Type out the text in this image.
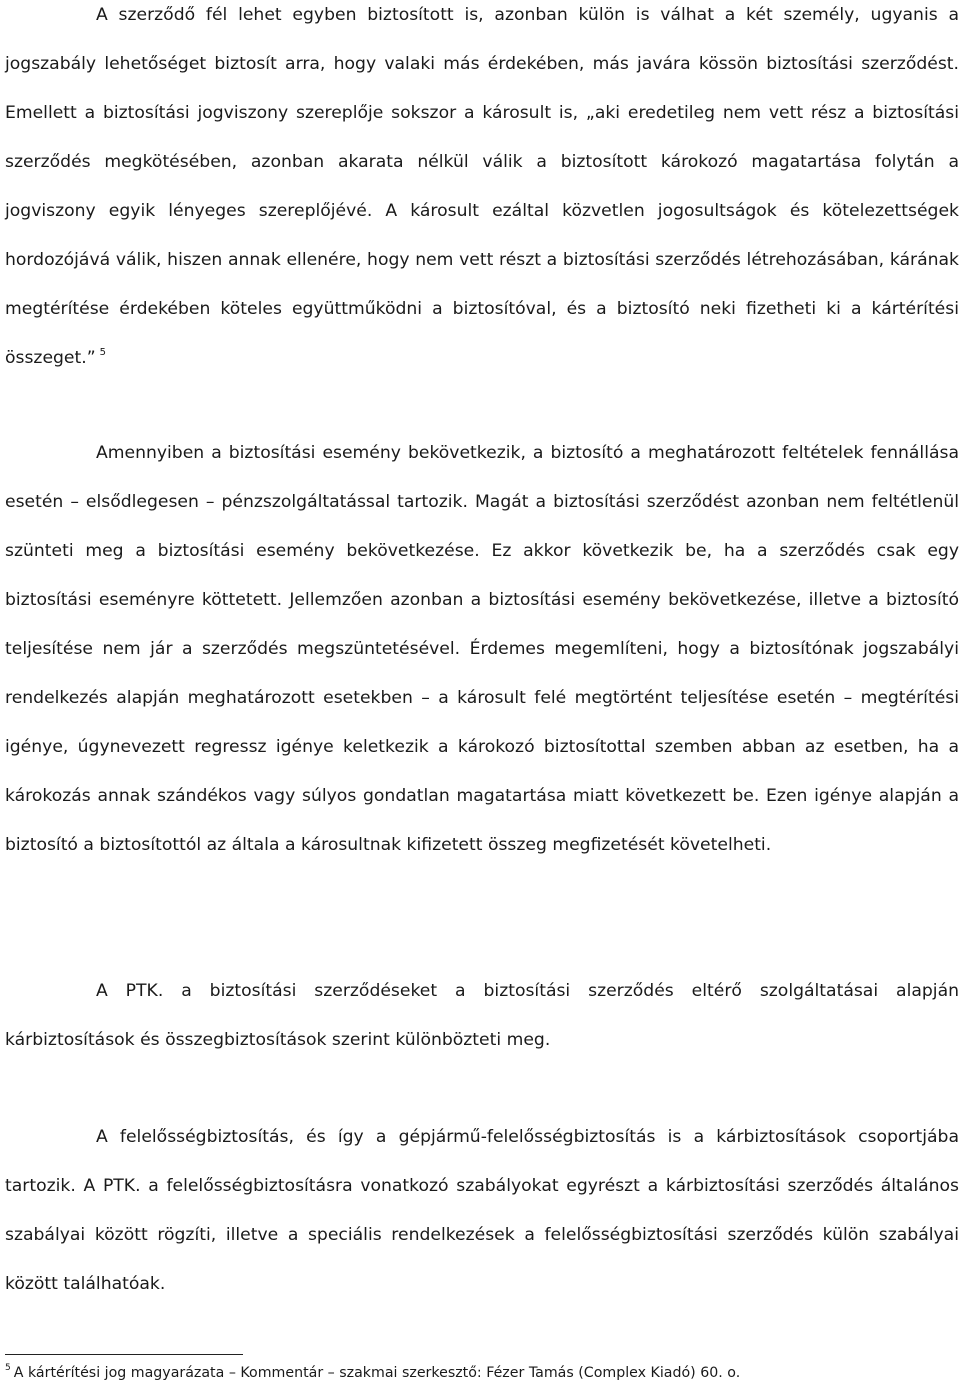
A szerződő fél lehet egyben biztosított is, azonban külön is válhat a két személy, ugyanis a jogszabály lehetőséget biztosít arra, hogy valaki más érdekében, más javára kössön biztosítási szerződést. Emellett a biztosítási jogviszony szereplője sokszor a károsult is, „aki eredetileg nem vett rész a biztosítási szerződés megkötésében, azonban akarata nélkül válik a biztosított károkozó magatartása folytán a jogviszony egyik lényeges szereplőjévé. A károsult ezáltal közvetlen jogosultságok és kötelezettségek hordozójává válik, hiszen annak ellenére, hogy nem vett részt a biztosítási szerződés létrehozásában, kárának megtérítése érdekében köteles együttműködni a biztosítóval, és a biztosító neki fizetheti ki a kártérítési összeget.” $^5$

Amennyiben a biztosítási esemény bekövetkezik, a biztosító a meghatározott feltételek fennállása esetén – elsődlegesen – pénzszolgáltatással tartozik. Magát a biztosítási szerződést azonban nem feltétlenül szünteti meg a biztosítási esemény bekövetkezése. Ez akkor következik be, ha a szerződés csak egy biztosítási eseményre köttetett. Jellemzően azonban a biztosítási esemény bekövetkezése, illetve a biztosító teljesítése nem jár a szerződés megszüntetésével. Érdemes megemlíteni, hogy a biztosítónak jogszabályi rendelkezés alapján meghatározott esetekben – a károsult felé megtörtént teljesítése esetén – megtérítési igénye, úgynevezett regressz igénye keletkezik a károkozó biztosítottal szemben abban az esetben, ha a károkozás annak szándékos vagy súlyos gondatlan magatartása miatt következett be. Ezen igénye alapján a biztosító a biztosítottól az általa a károsultnak kifizetett összeg megfizetését követelheti.

A PTK. a biztosítási szerződéseket a biztosítási szerződés eltérő szolgáltatásai alapján kárbiztosítások és összegbiztosítások szerint különbözteti meg.

A felelősségbiztosítás, és így a gépjármű-felelősségbiztosítás is a kárbiztosítások csoportjába tartozik. A PTK. a felelősségbiztosításra vonatkozó szabályokat egyrészt a kárbiztosítási szerződés általános szabályai között rögzíti, illetve a speciális rendelkezések a felelősségbiztosítási szerződés külön szabályai között találhatóak.

$^5$ A kártérítési jog magyarázata – Kommentár – szakmai szerkesztő: Fézer Tamás (Complex Kiadó) 60. o.
